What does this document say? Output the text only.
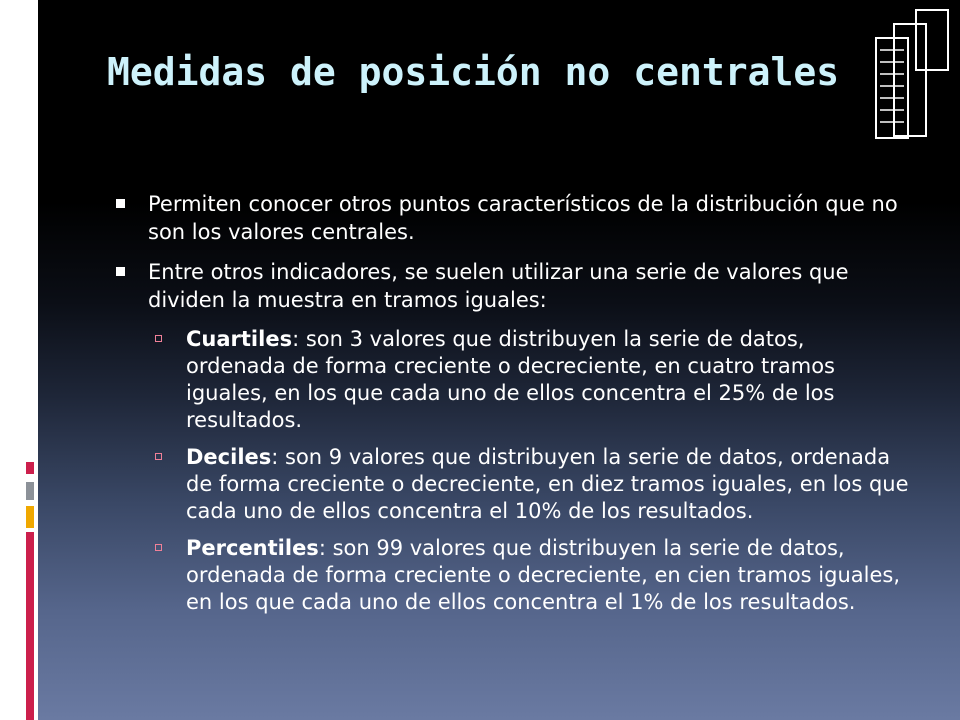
Medidas de posición no centrales
Permiten conocer otros puntos característicos de la distribución que no son los valores centrales.
Entre otros indicadores, se suelen utilizar una serie de valores que dividen la muestra en tramos iguales:
Cuartiles: son 3 valores que distribuyen la serie de datos, ordenada de forma creciente o decreciente, en cuatro tramos iguales, en los que cada uno de ellos concentra el 25% de los resultados.
Deciles: son 9 valores que distribuyen la serie de datos, ordenada de forma creciente o decreciente, en diez tramos iguales, en los que cada uno de ellos concentra el 10% de los resultados.
Percentiles: son 99 valores que distribuyen la serie de datos, ordenada de forma creciente o decreciente, en cien tramos iguales, en los que cada uno de ellos concentra el 1% de los resultados.
